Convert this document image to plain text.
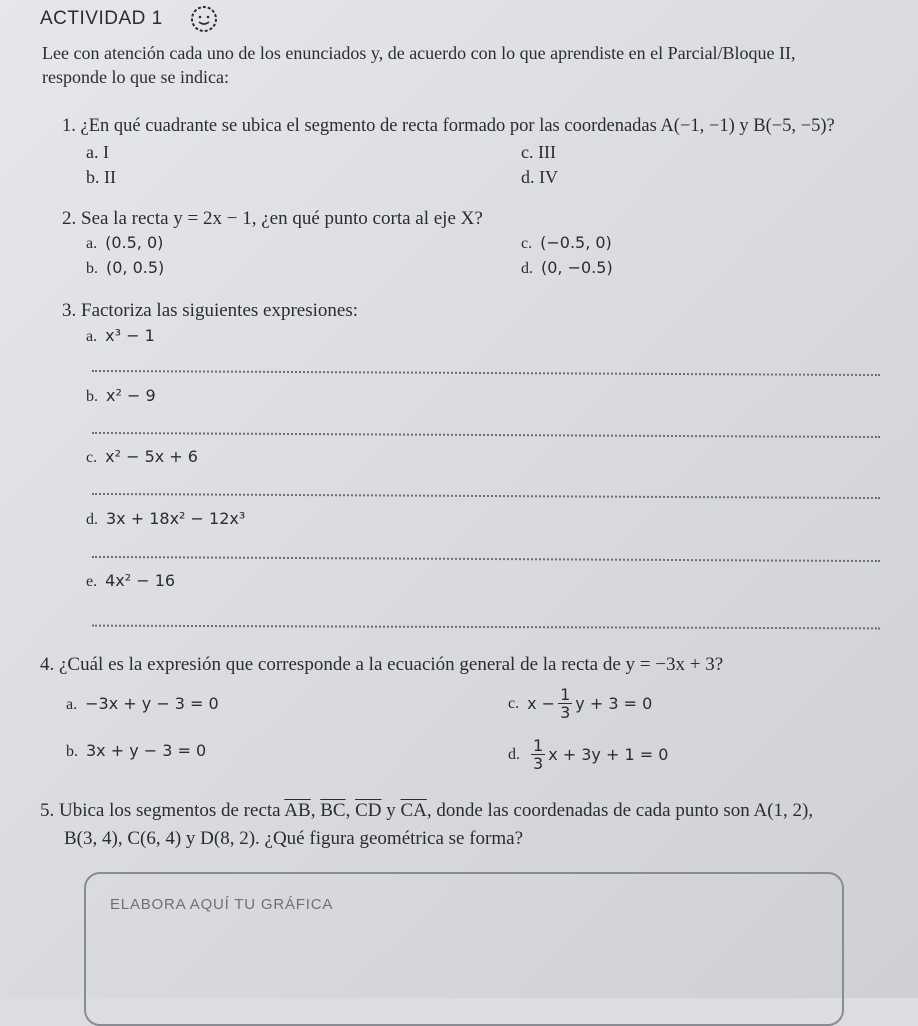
ACTIVIDAD 1
Lee con atención cada uno de los enunciados y, de acuerdo con lo que aprendiste en el Parcial/Bloque II,
responde lo que se indica:
1. ¿En qué cuadrante se ubica el segmento de recta formado por las coordenadas A(−1, −1) y B(−5, −5)?
a. I
b. II
c. III
d. IV
2. Sea la recta y = 2x − 1, ¿en qué punto corta al eje X?
a. (0.5, 0)
b. (0, 0.5)
c. (−0.5, 0)
d. (0, −0.5)
3. Factoriza las siguientes expresiones:
a. x³ − 1
b. x² − 9
c. x² − 5x + 6
d. 3x + 18x² − 12x³
e. 4x² − 16
4. ¿Cuál es la expresión que corresponde a la ecuación general de la recta de y = −3x + 3?
a. −3x + y − 3 = 0
b. 3x + y − 3 = 0
c. $x - \frac{1}{3}$ y + 3 = 0
d. $\frac{1}{3}$ x + 3y + 1 = 0
5. Ubica los segmentos de recta $\overline{AB}$, $\overline{BC}$, $\overline{CD}$ y $\overline{CA}$, donde las coordenadas de cada punto son A(1, 2),
B(3, 4), C(6, 4) y D(8, 2). ¿Qué figura geométrica se forma?
ELABORA AQUÍ TU GRÁFICA
